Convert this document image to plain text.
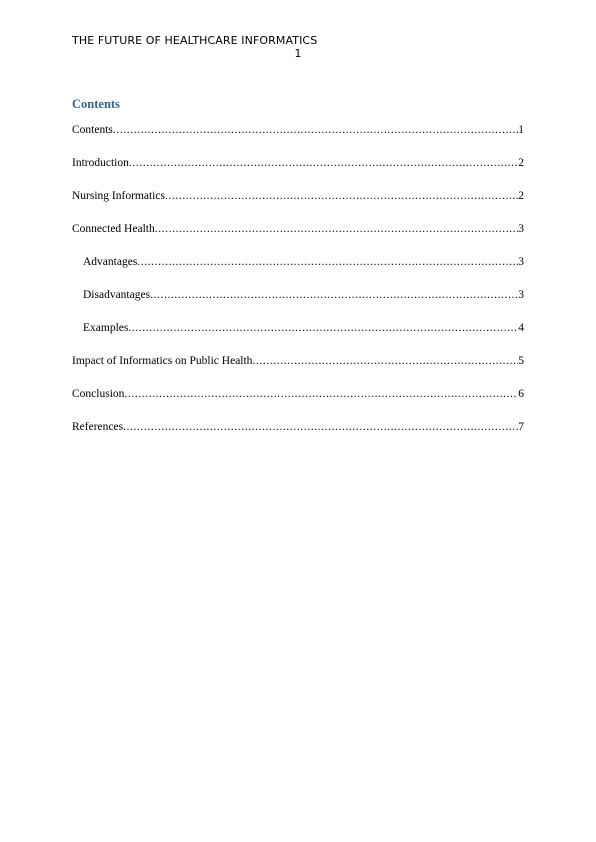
THE FUTURE OF HEALTHCARE INFORMATICS
1
Contents
Contents .....	1
Introduction .....	2
Nursing Informatics .....	2
Connected Health .....	3
Advantages .....	3
Disadvantages .....	3
Examples .....	4
Impact of Informatics on Public Health .....	5
Conclusion .....	6
References .....	7
